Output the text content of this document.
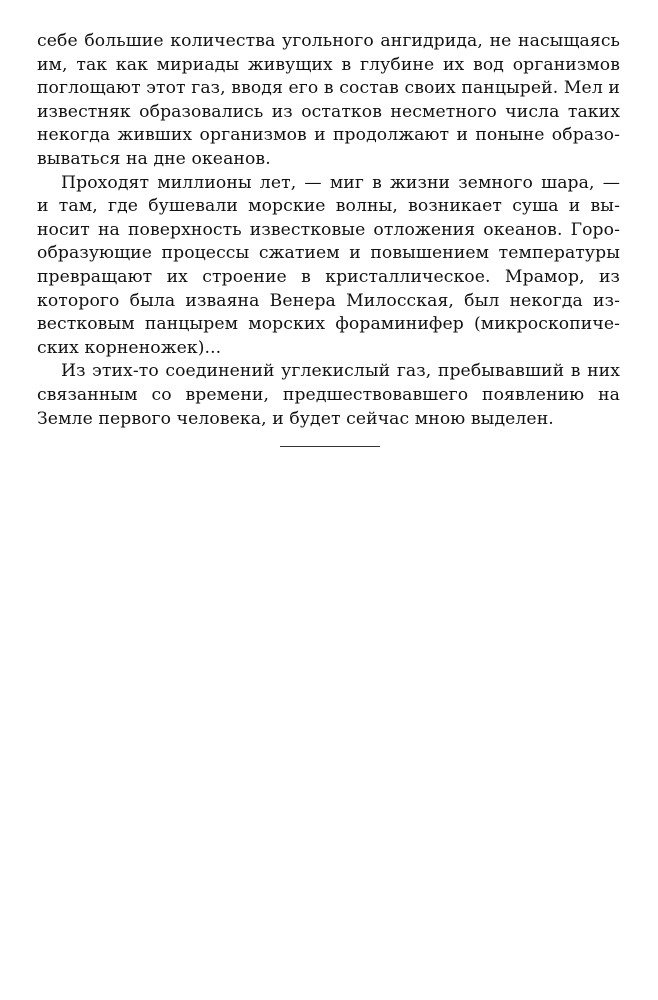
себе большие количества угольного ангидрида, не насыщаясь
им, так как мириады живущих в глубине их вод организмов
поглощают этот газ, вводя его в состав своих панцырей. Мел и
известняк образовались из остатков несметного числа таких
некогда живших организмов и продолжают и поныне образо-
вываться на дне океанов.
Проходят миллионы лет, — миг в жизни земного шара, —
и там, где бушевали морские волны, возникает суша и вы-
носит на поверхность известковые отложения океанов. Горо-
образующие процессы сжатием и повышением температуры
превращают их строение в кристаллическое. Мрамор, из
которого была изваяна Венера Милосская, был некогда из-
вестковым панцырем морских фораминифер (микроскопиче-
ских корненожек)...
Из этих-то соединений углекислый газ, пребывавший в них
связанным со времени, предшествовавшего появлению на
Земле первого человека, и будет сейчас мною выделен.
